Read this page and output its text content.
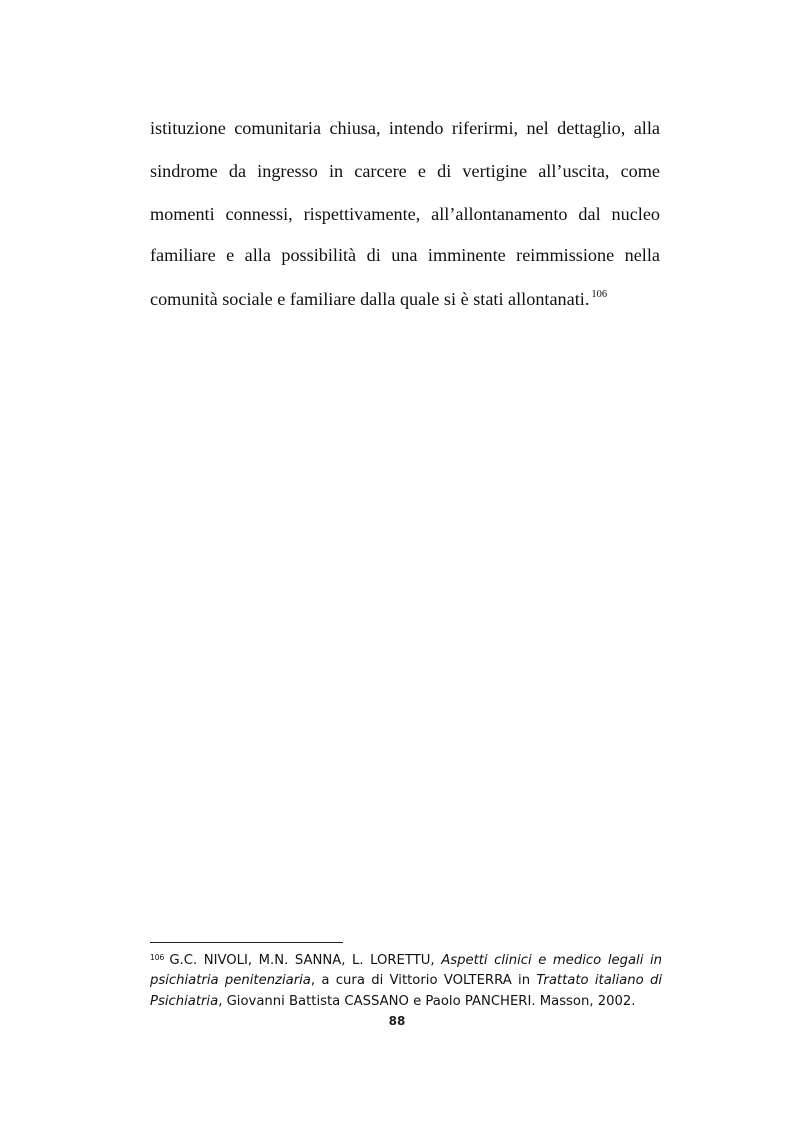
istituzione comunitaria chiusa, intendo riferirmi, nel dettaglio, alla
sindrome da ingresso in carcere e di vertigine all’uscita, come
momenti connessi, rispettivamente, all’allontanamento dal nucleo
familiare e alla possibilità di una imminente reimmissione nella
comunità sociale e familiare dalla quale si è stati allontanati. $^{106}$
$^{106}$ G.C. NIVOLI, M.N. SANNA, L. LORETTU, Aspetti clinici e medico legali in
psichiatria penitenziaria, a cura di Vittorio VOLTERRA in Trattato italiano di
Psichiatria, Giovanni Battista CASSANO e Paolo PANCHERI. Masson, 2002.
88
